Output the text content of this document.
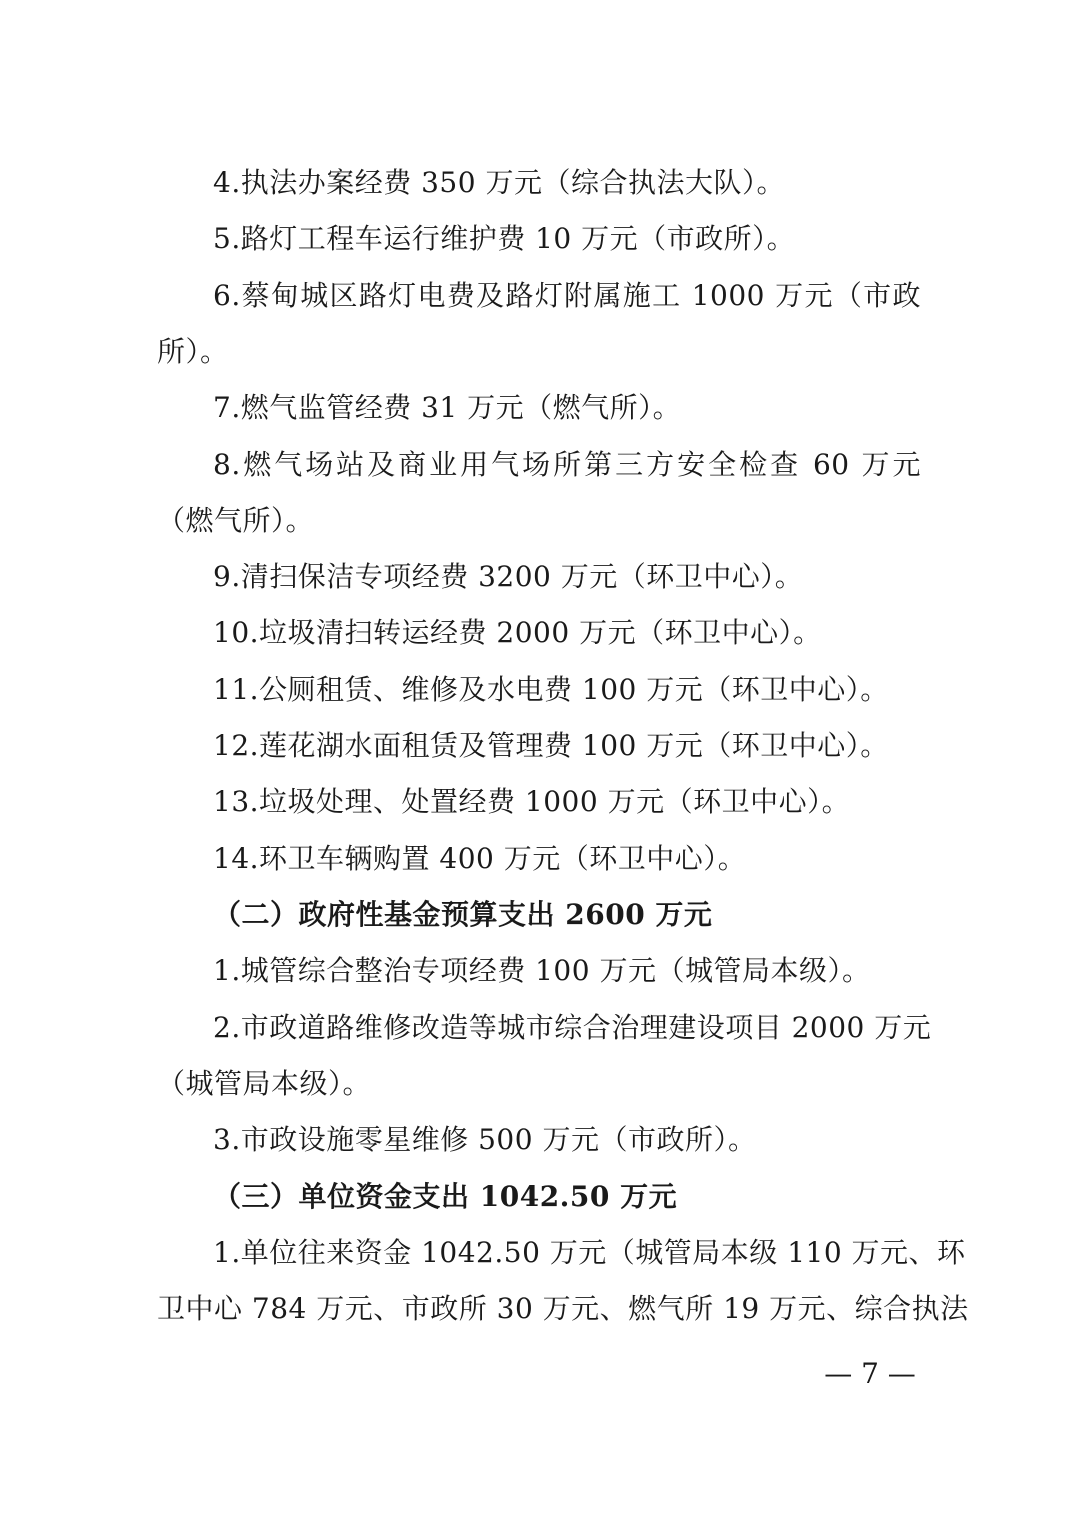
4.执法办案经费 350 万元（综合执法大队）。
5.路灯工程车运行维护费 10 万元（市政所）。
6.蔡甸城区路灯电费及路灯附属施工 1000 万元（市政
所）。
7.燃气监管经费 31 万元（燃气所）。
8.燃气场站及商业用气场所第三方安全检查 60 万元
（燃气所）。
9.清扫保洁专项经费 3200 万元（环卫中心）。
10.垃圾清扫转运经费 2000 万元（环卫中心）。
11.公厕租赁、维修及水电费 100 万元（环卫中心）。
12.莲花湖水面租赁及管理费 100 万元（环卫中心）。
13.垃圾处理、处置经费 1000 万元（环卫中心）。
14.环卫车辆购置 400 万元（环卫中心）。
（二）政府性基金预算支出 2600 万元
1.城管综合整治专项经费 100 万元（城管局本级）。
2.市政道路维修改造等城市综合治理建设项目 2000 万元
（城管局本级）。
3.市政设施零星维修 500 万元（市政所）。
（三）单位资金支出 1042.50 万元
1.单位往来资金 1042.50 万元（城管局本级 110 万元、环
卫中心 784 万元、市政所 30 万元、燃气所 19 万元、综合执法
— 7 —
